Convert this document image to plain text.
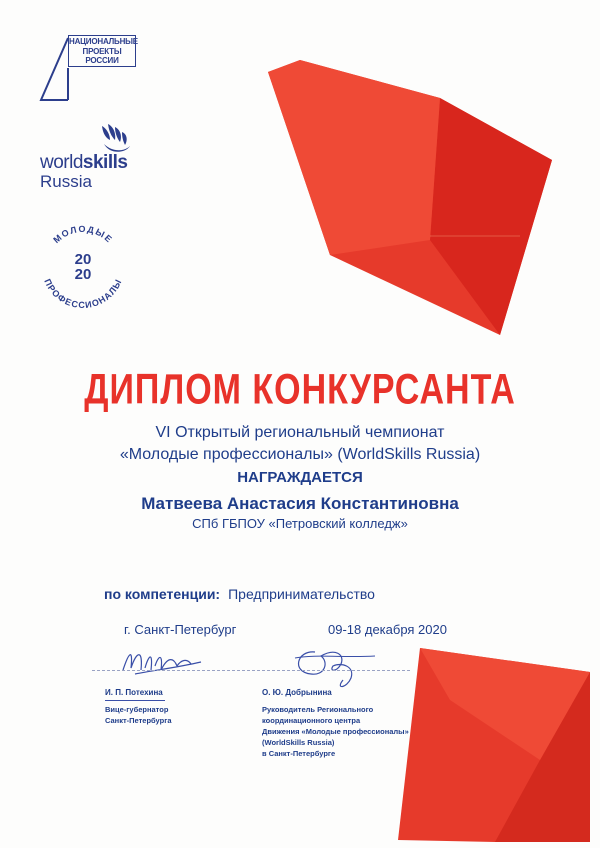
НАЦИОНАЛЬНЫЕ
ПРОЕКТЫ
РОССИИ
worldskills
Russia
МОЛОДЫЕ
ПРОФЕССИОНАЛЫ
20
20
ДИПЛОМ КОНКУРСАНТА
VI Открытый региональный чемпионат
«Молодые профессионалы» (WorldSkills Russia)
НАГРАЖДАЕТСЯ
Матвеева Анастасия Константиновна
СПб ГБПОУ «Петровский колледж»
по компетенции: Предпринимательство
г. Санкт-Петербург	09-18 декабря 2020
И. П. Потехина
Вице-губернатор
Санкт-Петербурга
О. Ю. Добрынина
Руководитель Регионального
координационного центра
Движения «Молодые профессионалы»
(WorldSkills Russia)
в Санкт-Петербурге
